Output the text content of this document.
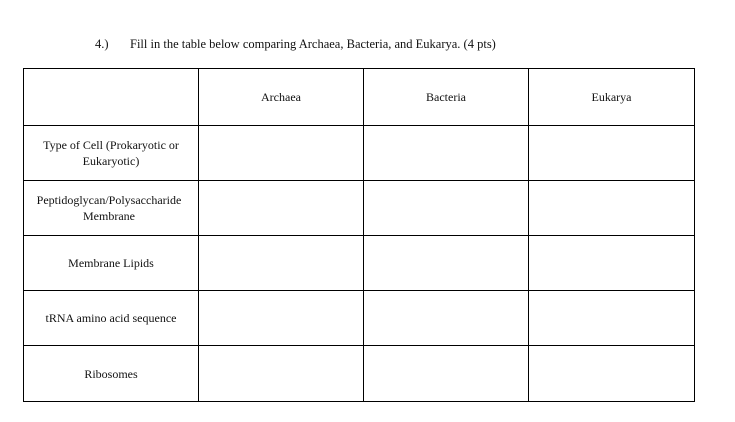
4.) Fill in the table below comparing Archaea, Bacteria, and Eukarya. (4 pts)
	Archaea	Bacteria	Eukarya
Type of Cell (Prokaryotic or Eukaryotic)			
Peptidoglycan/Polysaccharide Membrane			
Membrane Lipids			
tRNA amino acid sequence			
Ribosomes			
